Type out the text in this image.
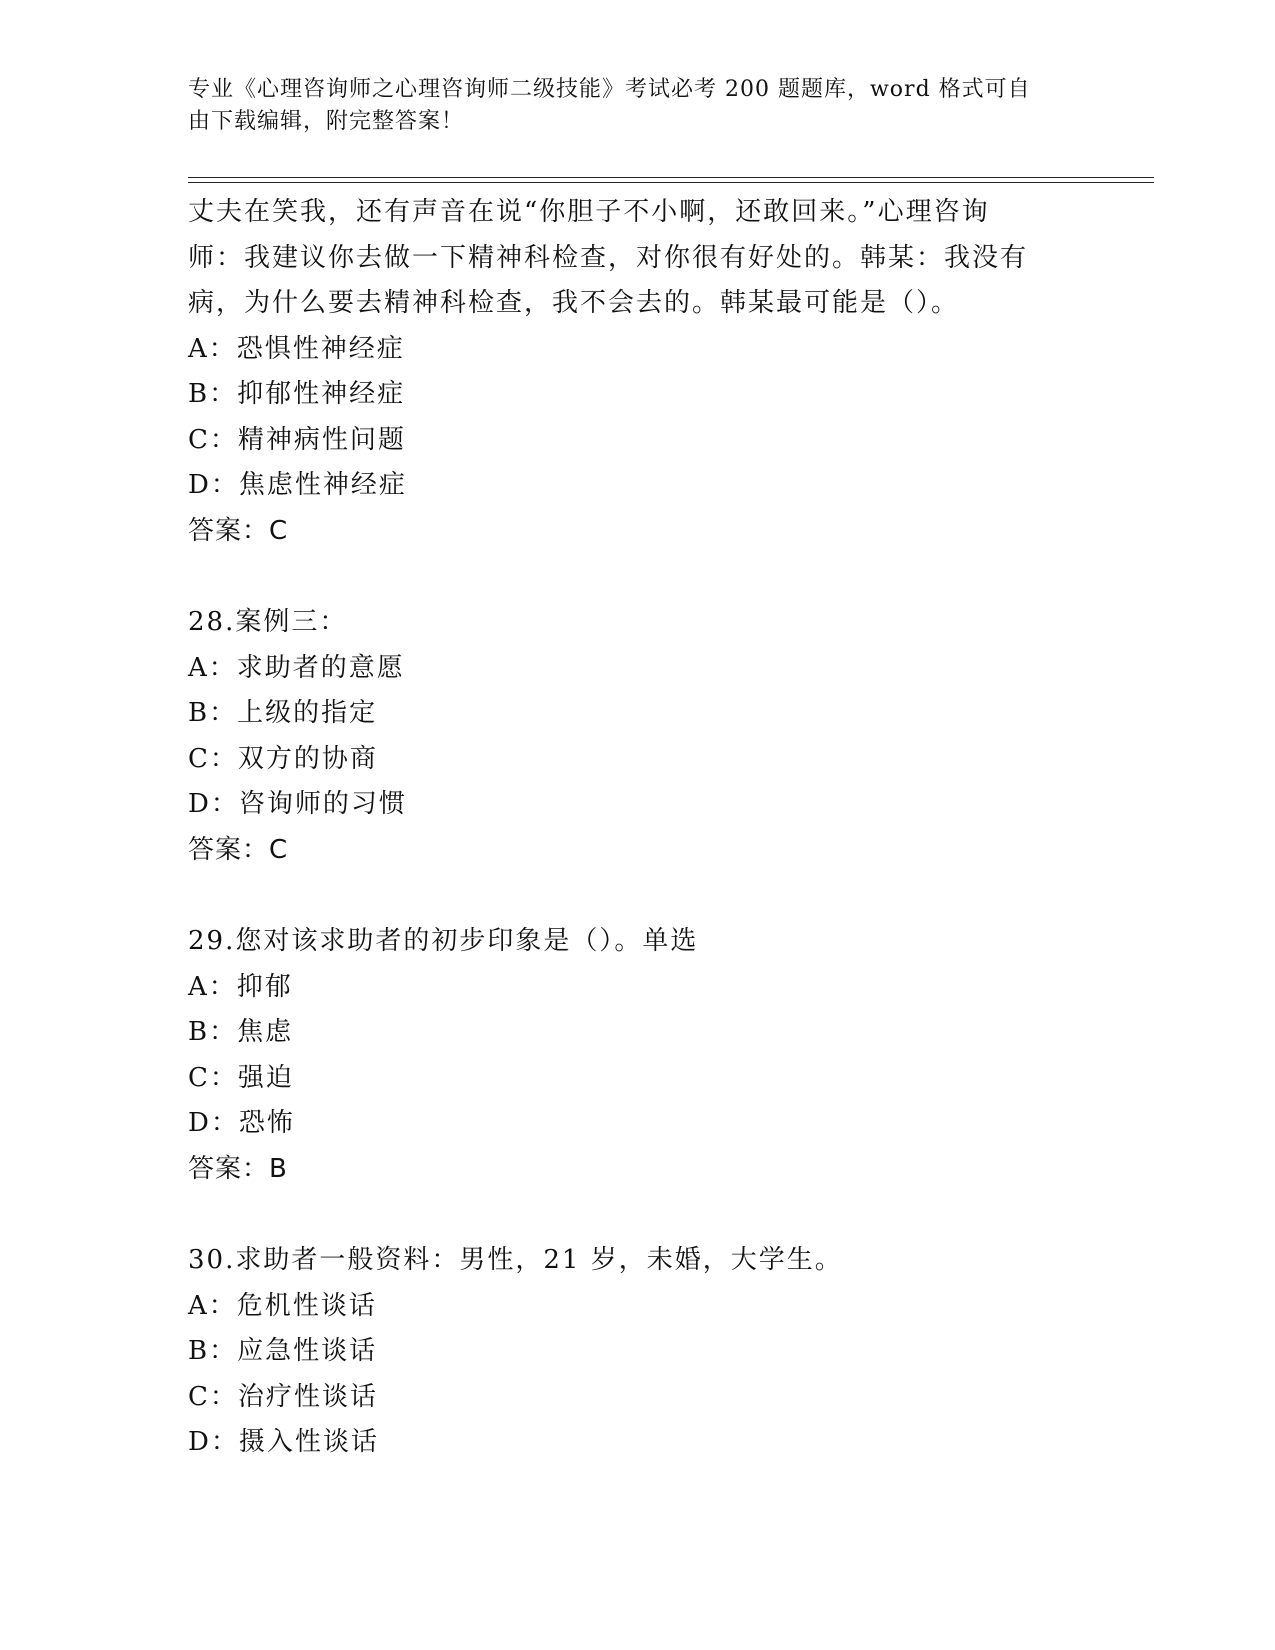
专业《心理咨询师之心理咨询师二级技能》考试必考 200 题题库，word 格式可自
由下载编辑，附完整答案！
丈夫在笑我，还有声音在说“你胆子不小啊，还敢回来。”心理咨询
师：我建议你去做一下精神科检查，对你很有好处的。韩某：我没有
病，为什么要去精神科检查，我不会去的。韩某最可能是（）。
A：恐惧性神经症
B：抑郁性神经症
C：精神病性问题
D：焦虑性神经症
答案：C
28.案例三：
A：求助者的意愿
B：上级的指定
C：双方的协商
D：咨询师的习惯
答案：C
29.您对该求助者的初步印象是（）。单选
A：抑郁
B：焦虑
C：强迫
D：恐怖
答案：B
30.求助者一般资料：男性，21 岁，未婚，大学生。
A：危机性谈话
B：应急性谈话
C：治疗性谈话
D：摄入性谈话
